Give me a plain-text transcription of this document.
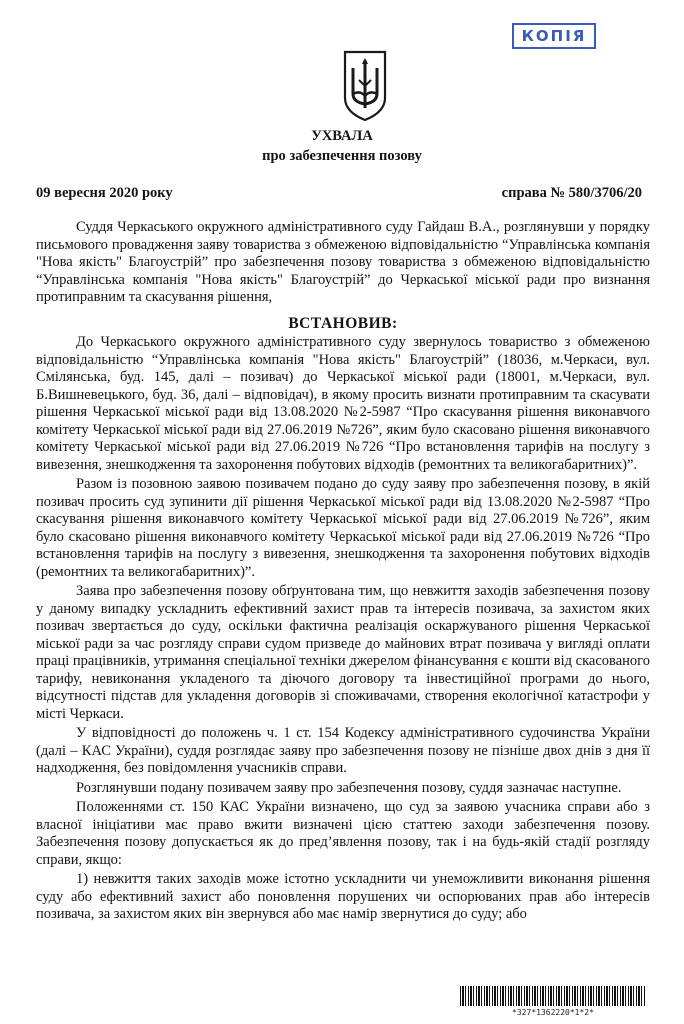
КОПІЯ

УХВАЛА

про забезпечення позову

09 вересня 2020 року	справа № 580/3706/20

Суддя Черкаського окружного адміністративного суду Гайдаш В.А., розглянувши у порядку письмового провадження заяву товариства з обмеженою відповідальністю “Управлінська компанія "Нова якість" Благоустрій” про забезпечення позову товариства з обмеженою відповідальністю “Управлінська компанія "Нова якість" Благоустрій” до Черкаської міської ради про визнання протиправним та скасування рішення,

ВСТАНОВИВ:

До Черкаського окружного адміністративного суду звернулось товариство з обмеженою відповідальністю “Управлінська компанія "Нова якість" Благоустрій” (18036, м.Черкаси, вул. Смілянська, буд. 145, далі – позивач) до Черкаської міської ради (18001, м.Черкаси, вул. Б.Вишневецького, буд. 36, далі – відповідач), в якому просить визнати протиправним та скасувати рішення Черкаської міської ради від 13.08.2020 №2-5987 “Про скасування рішення виконавчого комітету Черкаської міської ради від 27.06.2019 №726”, яким було скасовано рішення виконавчого комітету Черкаської міської ради від 27.06.2019 №726 “Про встановлення тарифів на послугу з вивезення, знешкодження та захоронення побутових відходів (ремонтних та великогабаритних)”.

Разом із позовною заявою позивачем подано до суду заяву про забезпечення позову, в якій позивач просить суд зупинити дії рішення Черкаської міської ради від 13.08.2020 №2-5987 “Про скасування рішення виконавчого комітету Черкаської міської ради від 27.06.2019 №726”, яким було скасовано рішення виконавчого комітету Черкаської міської ради від 27.06.2019 №726 “Про встановлення тарифів на послугу з вивезення, знешкодження та захоронення побутових відходів (ремонтних та великогабаритних)”.

Заява про забезпечення позову обґрунтована тим, що невжиття заходів забезпечення позову у даному випадку ускладнить ефективний захист прав та інтересів позивача, за захистом яких позивач звертається до суду, оскільки фактична реалізація оскаржуваного рішення Черкаської міської ради за час розгляду справи судом призведе до майнових втрат позивача у вигляді оплати праці працівників, утримання спеціальної техніки джерелом фінансування є кошти від скасованого тарифу, невиконання укладеного та діючого договору та інвестиційної програми до нього, відсутності підстав для укладення договорів зі споживачами, створення екологічної катастрофи у місті Черкаси.

У відповідності до положень ч. 1 ст. 154 Кодексу адміністративного судочинства України (далі – КАС України), суддя розглядає заяву про забезпечення позову не пізніше двох днів з дня її надходження, без повідомлення учасників справи.

Розглянувши подану позивачем заяву про забезпечення позову, суддя зазначає наступне.

Положеннями ст. 150 КАС України визначено, що суд за заявою учасника справи або з власної ініціативи має право вжити визначені цією статтею заходи забезпечення позову. Забезпечення позову допускається як до пред’явлення позову, так і на будь-якій стадії розгляду справи, якщо:

1) невжиття таких заходів може істотно ускладнити чи унеможливити виконання рішення суду або ефективний захист або поновлення порушених чи оспорюваних прав або інтересів позивача, за захистом яких він звернувся або має намір звернутися до суду; або

*327*1362220*1*2*
